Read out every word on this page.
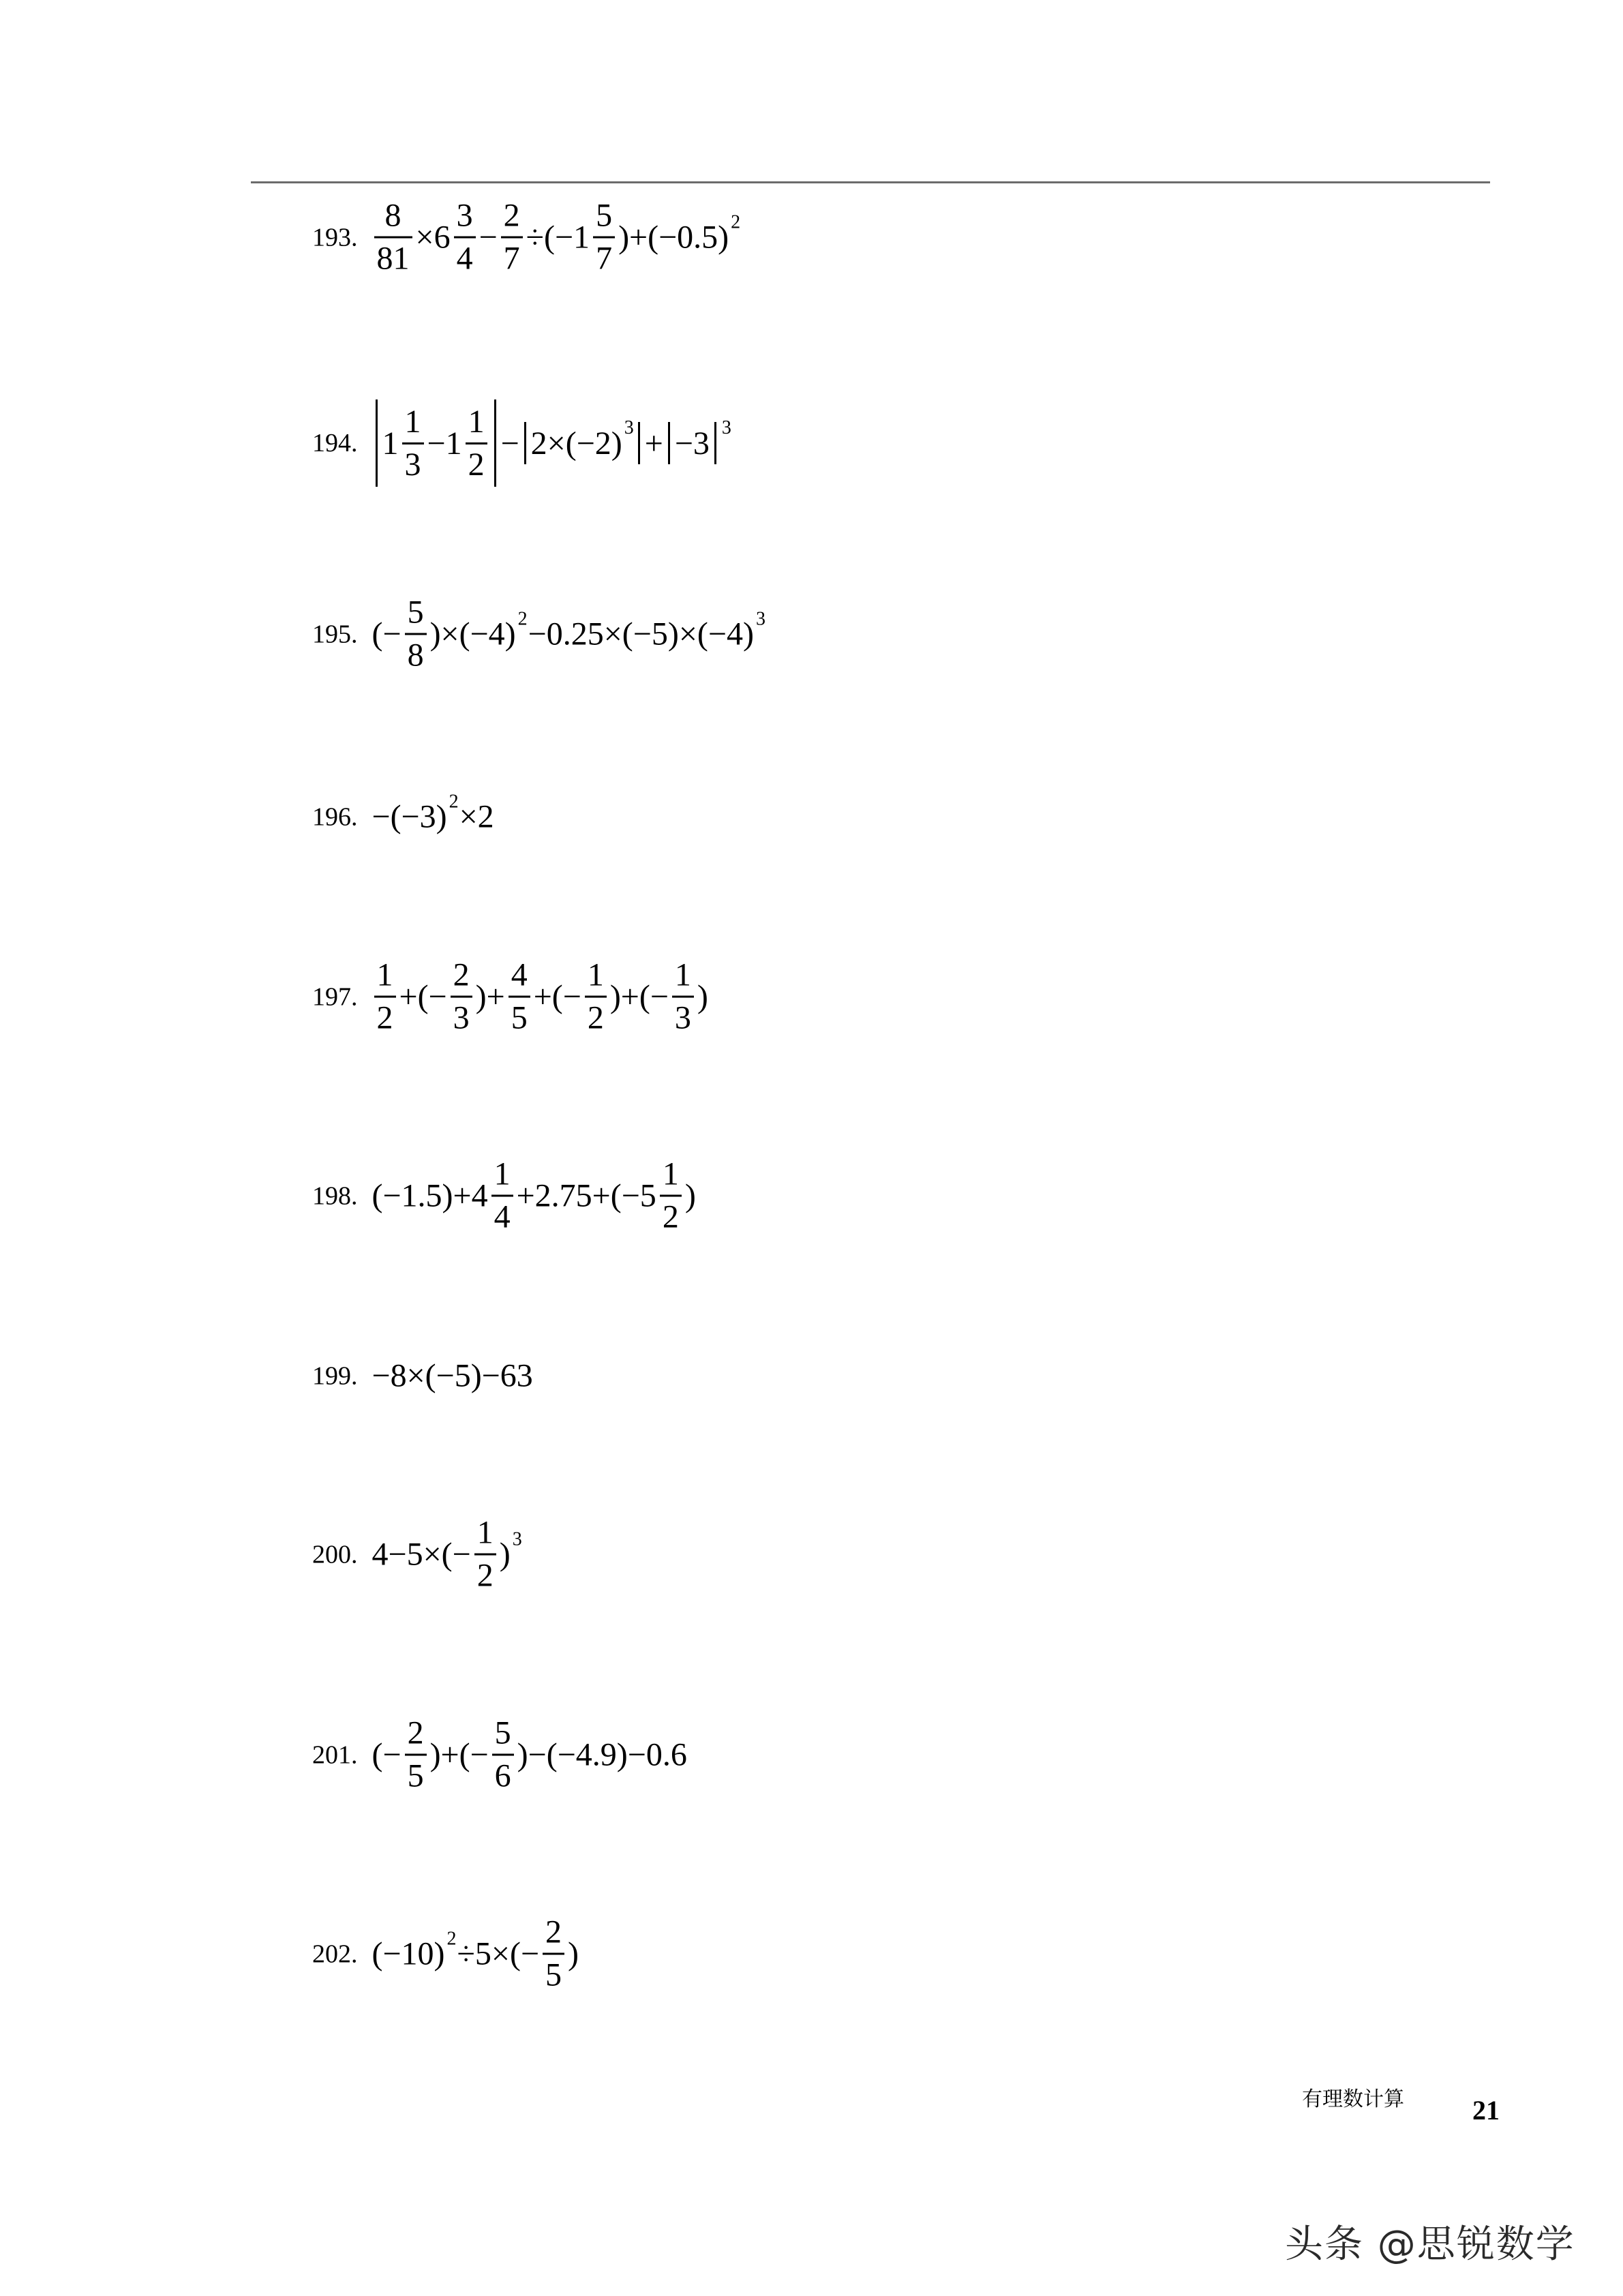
193. $\frac{8}{81} \times 6 \frac{3}{4} - \frac{2}{7} \div(-1 \frac{5}{7} )+(-0.5)$ 2
194. $1 \frac{1}{3} -1 \frac{1}{2} - 2\times(-2) 3 + -3$ 3
195. (− $\frac{5}{8} )\times(-4)$ 2 −0.25×(−5)×(−4) 3
196. −(−3) 2 ×2
197. $\frac{1}{2}$ +(− $\frac{2}{3}$ )+ $\frac{4}{5}$ +(− $\frac{1}{2}$ )+(− $\frac{1}{3}$ )
198. $(-1.5)+4 \frac{1}{4} +2.75+(-5 \frac{1}{2}$ )
199. −8×(−5)−63
200. $4-5\times(- \frac{1}{2}$ ) 3
201. (− $\frac{2}{5}$ )+(− $\frac{5}{6} )-(-4.9)-0.6$
202. (−10) $2 \div 5\times(- \frac{2}{5}$ )
有理数计算	21
头条 @思锐数学
